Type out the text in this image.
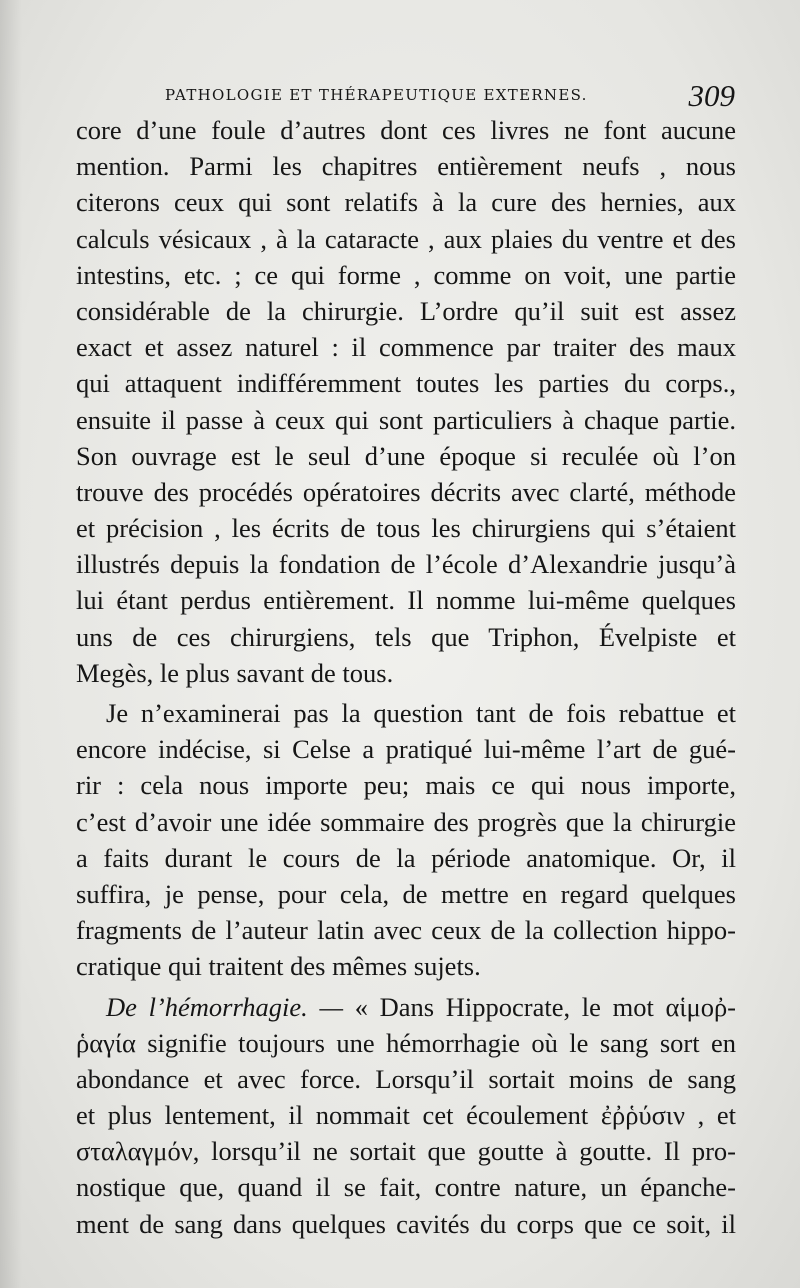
PATHOLOGIE ET THÉRAPEUTIQUE EXTERNES.	309
core d’une foule d’autres dont ces livres ne font aucune
mention. Parmi les chapitres entièrement neufs , nous
citerons ceux qui sont relatifs à la cure des hernies, aux
calculs vésicaux , à la cataracte , aux plaies du ventre et des
intestins, etc. ; ce qui forme , comme on voit, une partie
considérable de la chirurgie. L’ordre qu’il suit est assez
exact et assez naturel : il commence par traiter des maux
qui attaquent indifféremment toutes les parties du corps.,
ensuite il passe à ceux qui sont particuliers à chaque partie.
Son ouvrage est le seul d’une époque si reculée où l’on
trouve des procédés opératoires décrits avec clarté, méthode
et précision , les écrits de tous les chirurgiens qui s’étaient
illustrés depuis la fondation de l’école d’Alexandrie jusqu’à
lui étant perdus entièrement. Il nomme lui-même quelques
uns de ces chirurgiens, tels que Triphon, Évelpiste et
Megès, le plus savant de tous.
Je n’examinerai pas la question tant de fois rebattue et
encore indécise, si Celse a pratiqué lui-même l’art de gué-
rir : cela nous importe peu; mais ce qui nous importe,
c’est d’avoir une idée sommaire des progrès que la chirurgie
a faits durant le cours de la période anatomique. Or, il
suffira, je pense, pour cela, de mettre en regard quelques
fragments de l’auteur latin avec ceux de la collection hippo-
cratique qui traitent des mêmes sujets.
De l’hémorrhagie. — « Dans Hippocrate, le mot αἱμοῤ-
ῥαγία signifie toujours une hémorrhagie où le sang sort en
abondance et avec force. Lorsqu’il sortait moins de sang
et plus lentement, il nommait cet écoulement ἐῤῥύσιν , et
σταλαγμόν, lorsqu’il ne sortait que goutte à goutte. Il pro-
nostique que, quand il se fait, contre nature, un épanche-
ment de sang dans quelques cavités du corps que ce soit, il
